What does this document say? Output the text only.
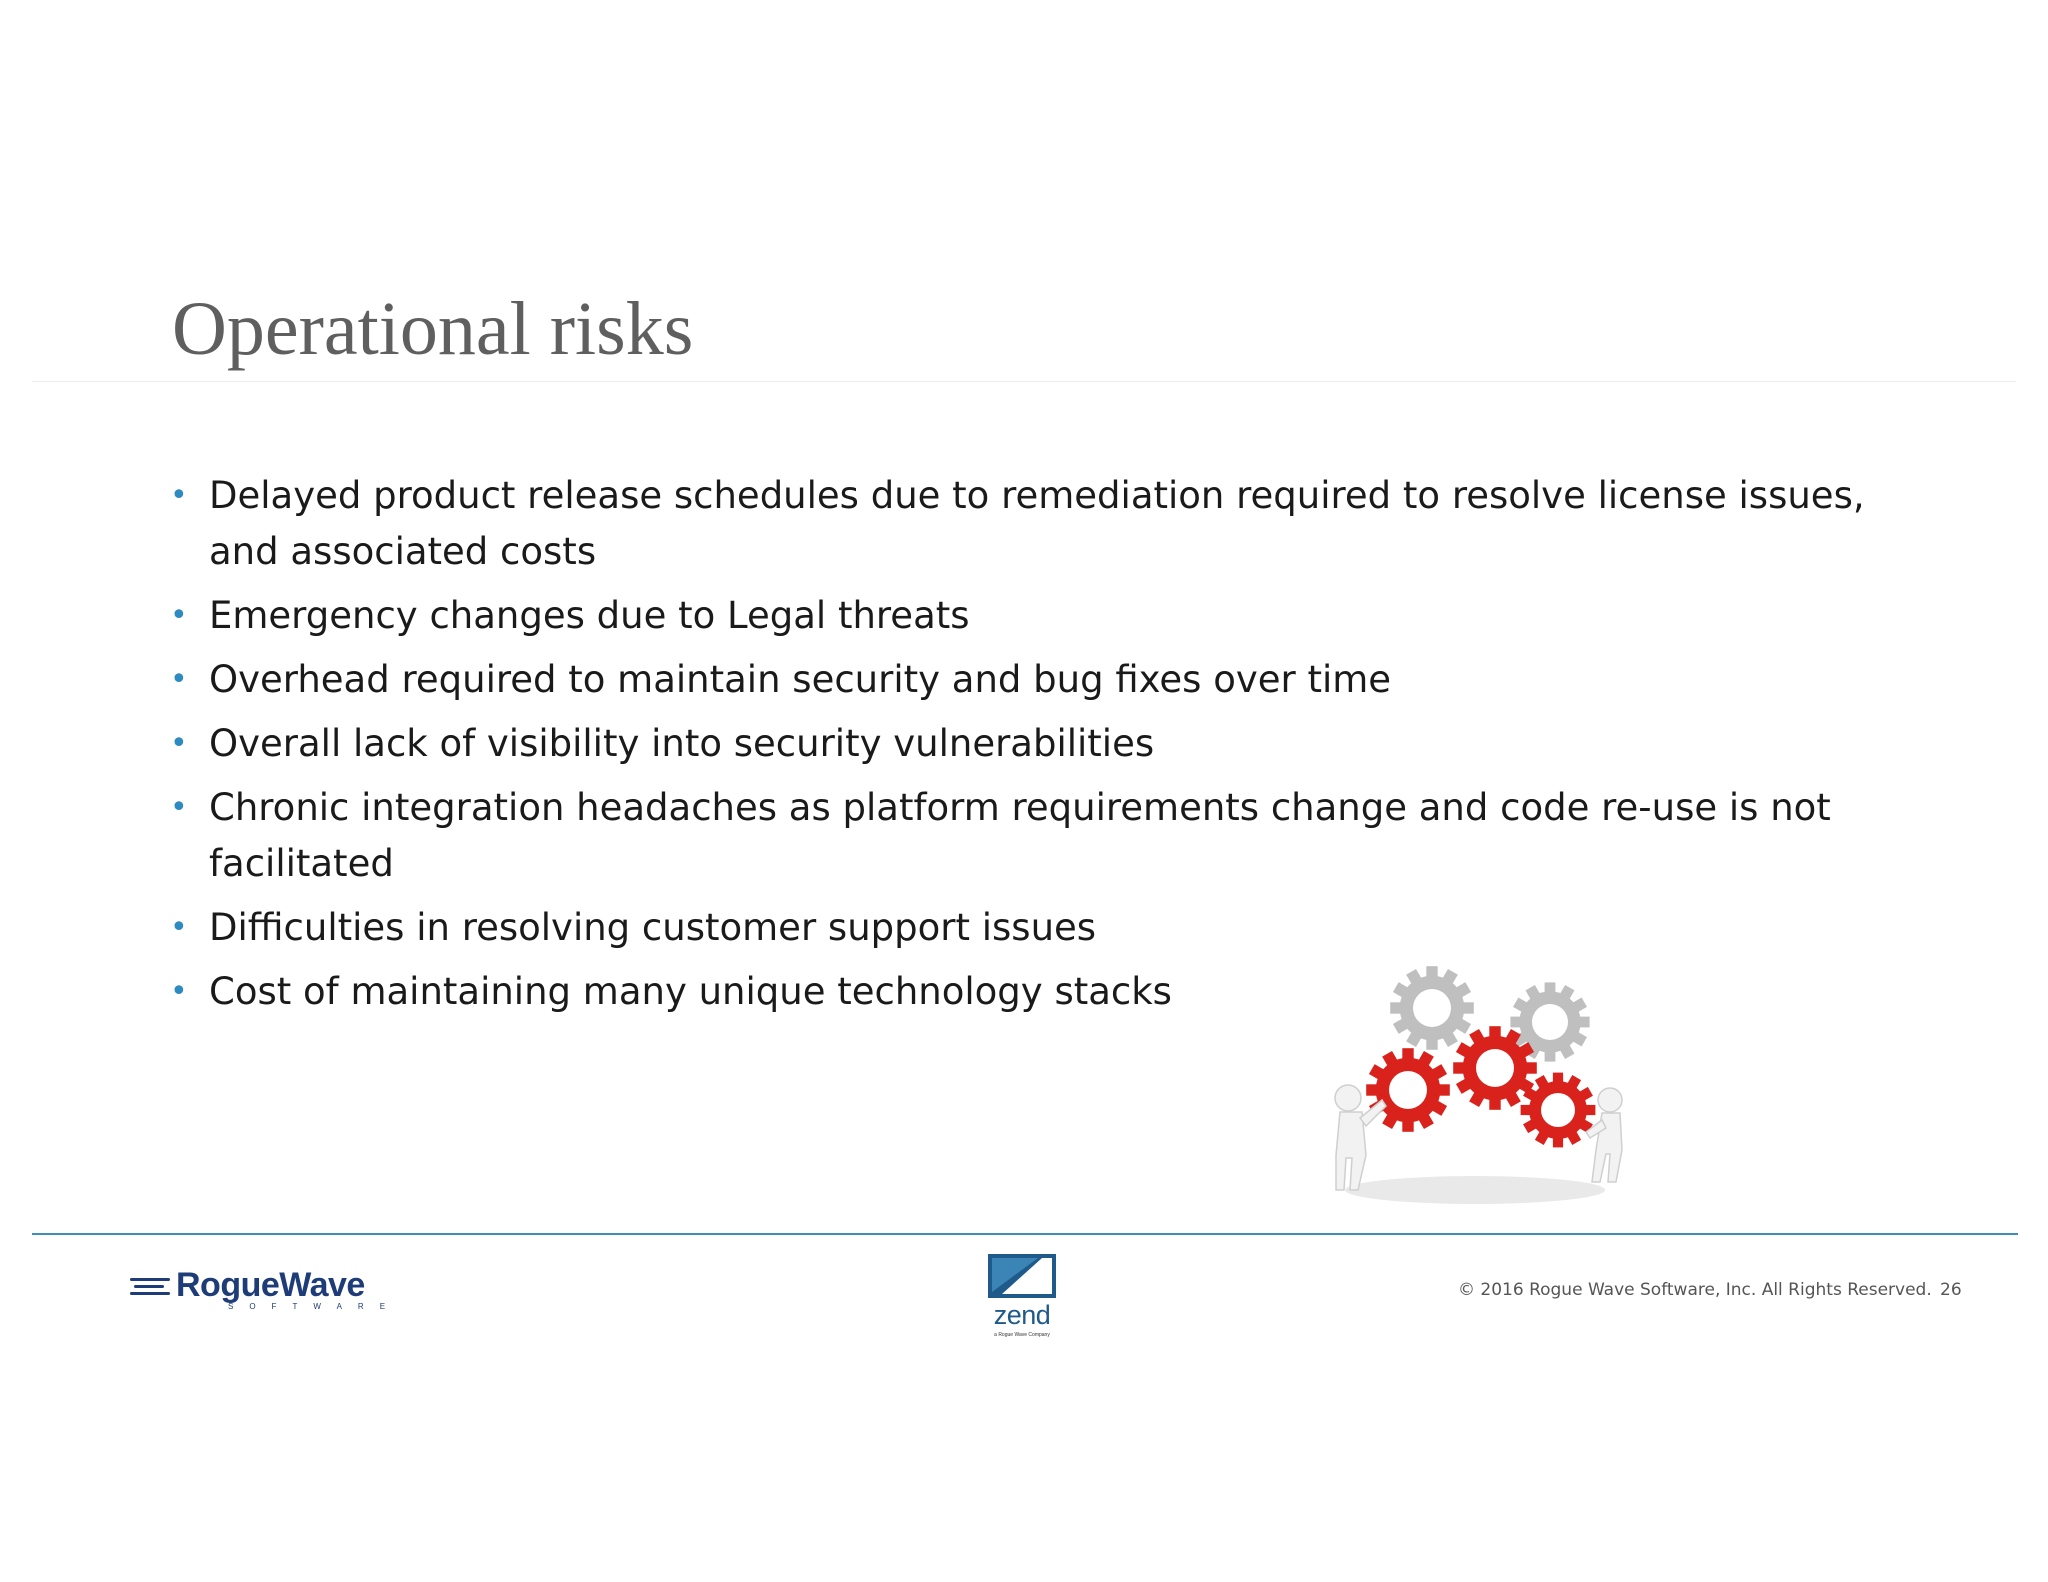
Operational risks
• Delayed product release schedules due to remediation required to resolve license issues, and associated costs
• Emergency changes due to Legal threats
• Overhead required to maintain security and bug fixes over time
• Overall lack of visibility into security vulnerabilities
• Chronic integration headaches as platform requirements change and code re-use is not facilitated
• Difficulties in resolving customer support issues
• Cost of maintaining many unique technology stacks
RogueWave
SOFTWARE	zend
a Rogue Wave Company
© 2016 Rogue Wave Software, Inc. All Rights Reserved. 26
